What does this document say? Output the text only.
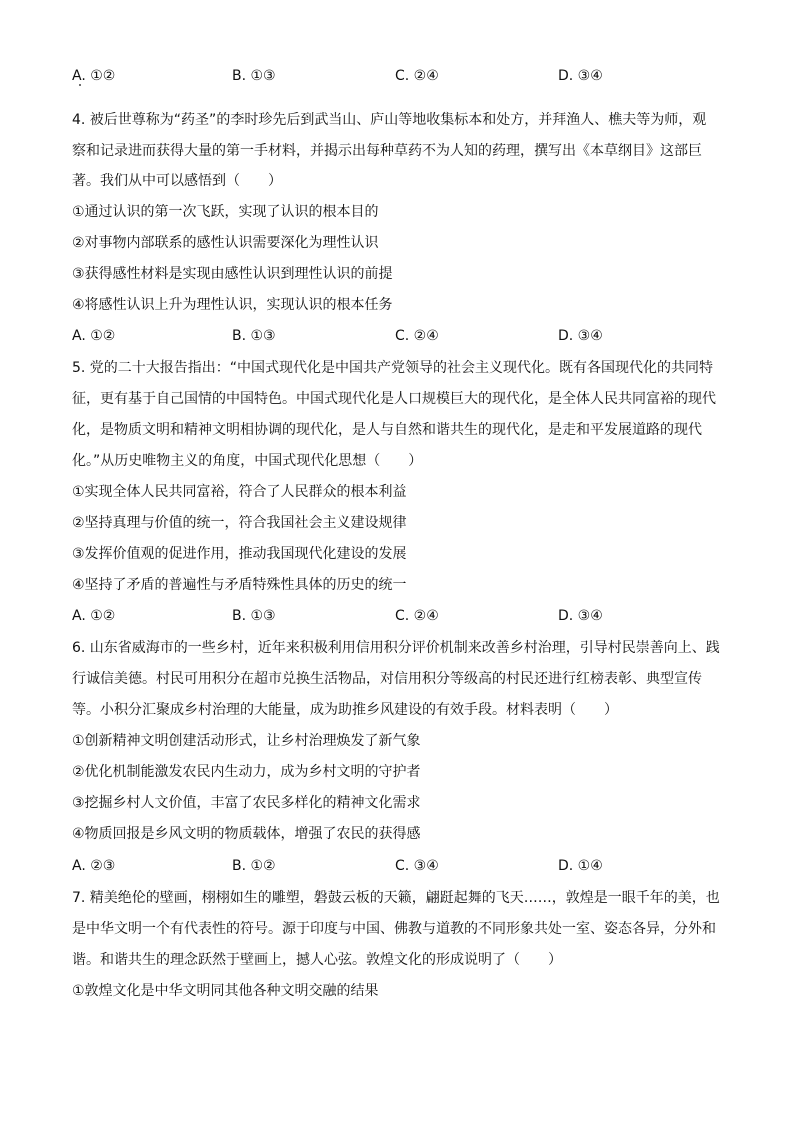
A. ①②	B. ①③	C. ②④	D. ③④
4. 被后世尊称为“药圣”的李时珍先后到武当山、庐山等地收集标本和处方，并拜渔人、樵夫等为师，观
察和记录进而获得大量的第一手材料，并揭示出每种草药不为人知的药理，撰写出《本草纲目》这部巨
著。我们从中可以感悟到（　　）
①通过认识的第一次飞跃，实现了认识的根本目的
②对事物内部联系的感性认识需要深化为理性认识
③获得感性材料是实现由感性认识到理性认识的前提
④将感性认识上升为理性认识，实现认识的根本任务
A. ①②	B. ①③	C. ②④	D. ③④
5. 党的二十大报告指出：“中国式现代化是中国共产党领导的社会主义现代化。既有各国现代化的共同特
征，更有基于自己国情的中国特色。中国式现代化是人口规模巨大的现代化，是全体人民共同富裕的现代
化，是物质文明和精神文明相协调的现代化，是人与自然和谐共生的现代化，是走和平发展道路的现代
化。”从历史唯物主义的角度，中国式现代化思想（　　）
①实现全体人民共同富裕，符合了人民群众的根本利益
②坚持真理与价值的统一，符合我国社会主义建设规律
③发挥价值观的促进作用，推动我国现代化建设的发展
④坚持了矛盾的普遍性与矛盾特殊性具体的历史的统一
A. ①②	B. ①③	C. ②④	D. ③④
6. 山东省威海市的一些乡村，近年来积极利用信用积分评价机制来改善乡村治理，引导村民崇善向上、践
行诚信美德。村民可用积分在超市兑换生活物品，对信用积分等级高的村民还进行红榜表彰、典型宣传
等。小积分汇聚成乡村治理的大能量，成为助推乡风建设的有效手段。材料表明（　　）
①创新精神文明创建活动形式，让乡村治理焕发了新气象
②优化机制能激发农民内生动力，成为乡村文明的守护者
③挖掘乡村人文价值，丰富了农民多样化的精神文化需求
④物质回报是乡风文明的物质载体，增强了农民的获得感
A. ②③	B. ①②	C. ③④	D. ①④
7. 精美绝伦的壁画，栩栩如生的雕塑，磐鼓云板的天籁，翩跹起舞的飞天……，敦煌是一眼千年的美，也
是中华文明一个有代表性的符号。源于印度与中国、佛教与道教的不同形象共处一室、姿态各异，分外和
谐。和谐共生的理念跃然于壁画上，撼人心弦。敦煌文化的形成说明了（　　）
①敦煌文化是中华文明同其他各种文明交融的结果
